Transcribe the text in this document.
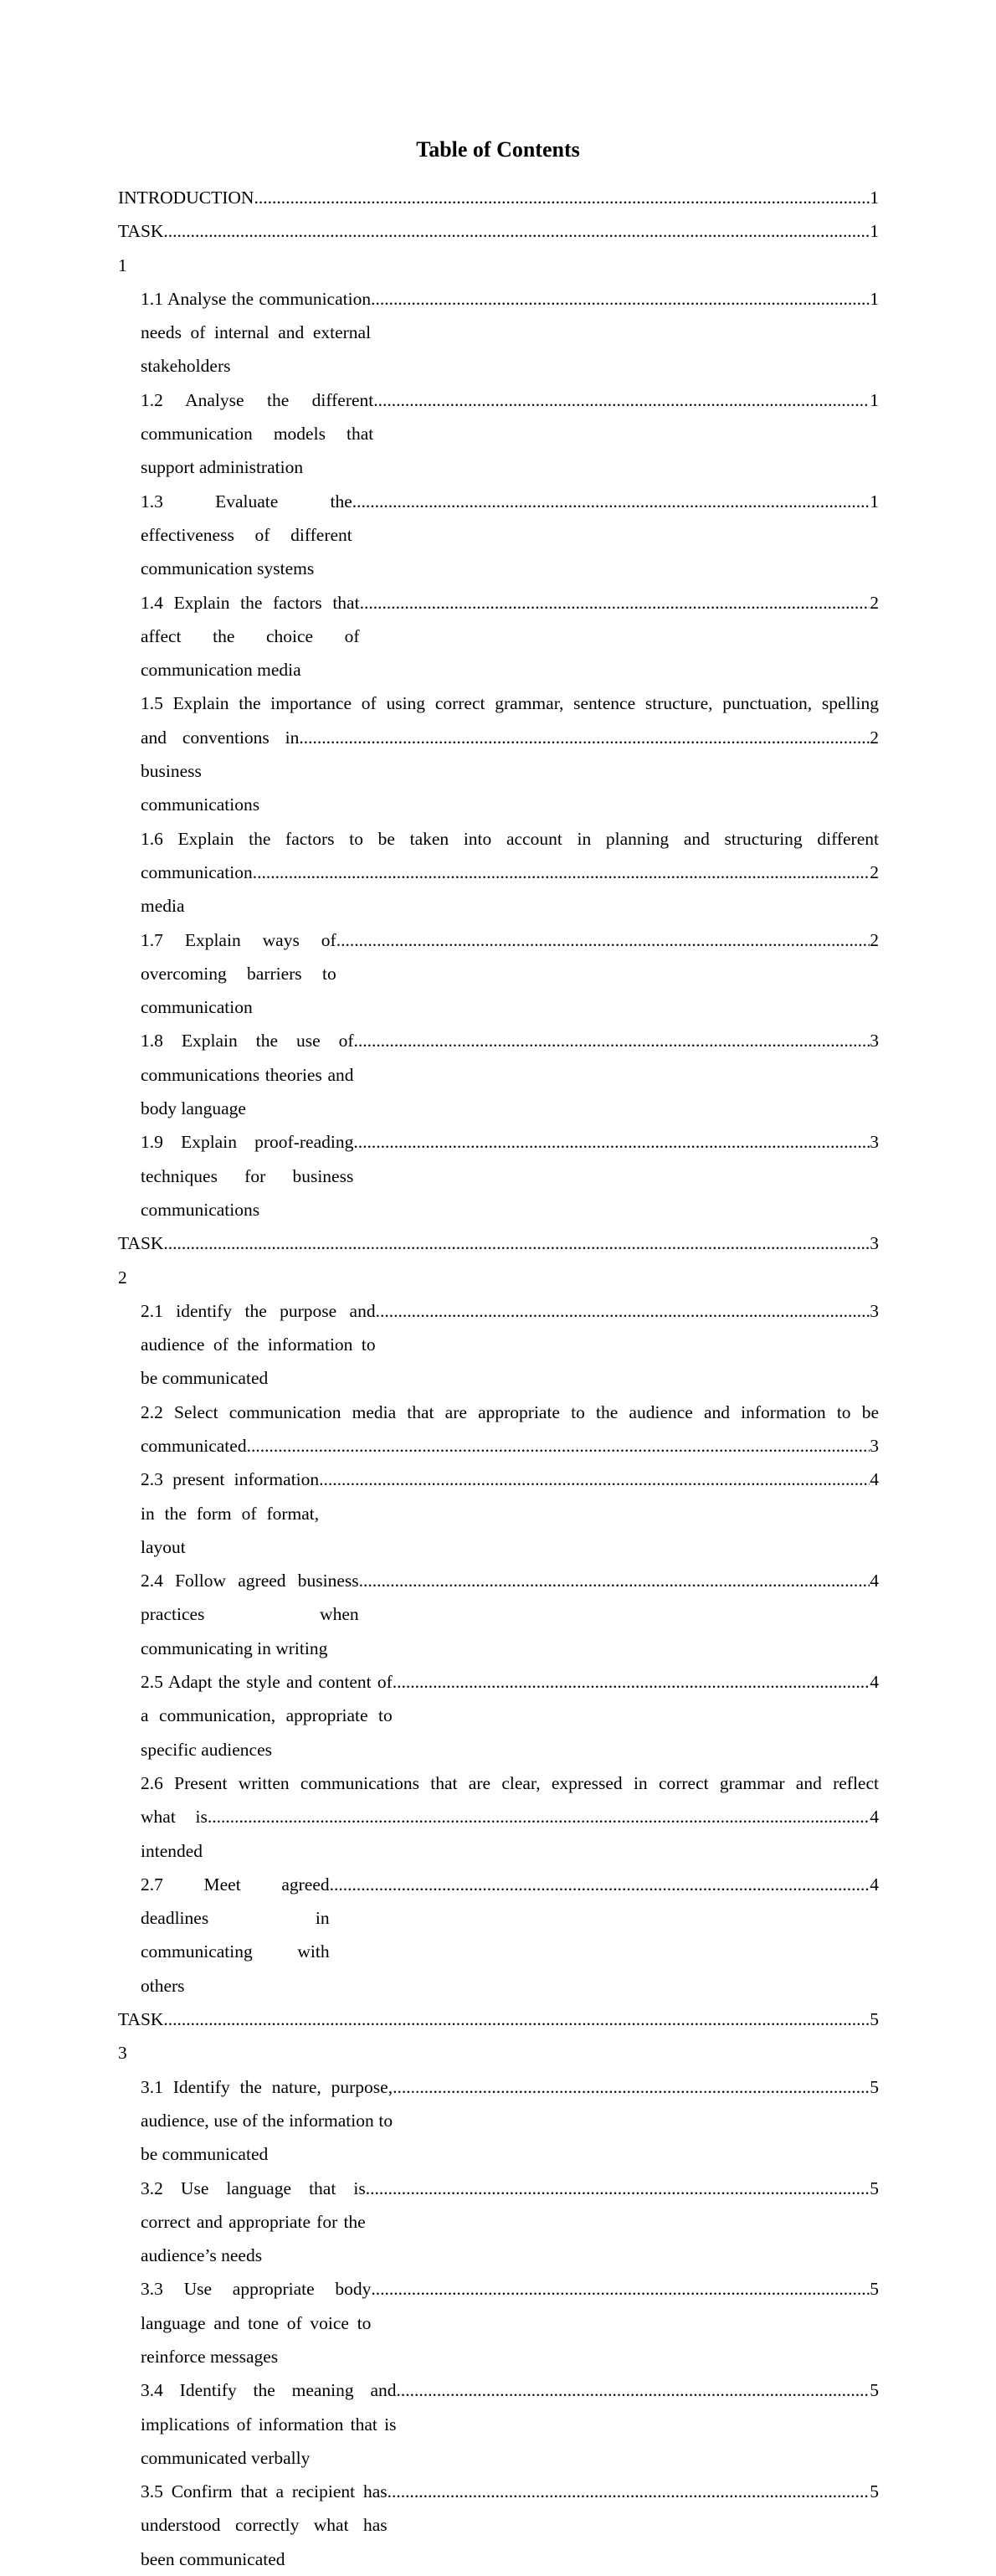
Table of Contents
INTRODUCTION .....	1
TASK 1
.....
1
1.1 Analyse the communication needs of internal and external stakeholders
.....
1
1.2 Analyse the different communication models that support administration
.....
1
1.3 Evaluate the effectiveness of different communication systems
.....
1
1.4 Explain the factors that affect the choice of communication media
.....
2
1.5 Explain the importance of using correct grammar, sentence structure, punctuation, spelling
and conventions in business communications
.....
2
1.6 Explain the factors to be taken into account in planning and structuring different
communication media
.....
2
1.7 Explain ways of overcoming barriers to communication
.....
2
1.8 Explain the use of communications theories and body language
.....
3
1.9 Explain proof-reading techniques for business communications
.....
3
TASK 2
.....
3
2.1 identify the purpose and audience of the information to be communicated
.....
3
2.2 Select communication media that are appropriate to the audience and information to be
communicated .....	3
2.3 present information in the form of format, layout
.....
4
2.4 Follow agreed business practices when communicating in writing
.....
4
2.5 Adapt the style and content of a communication, appropriate to specific audiences
.....
4
2.6 Present written communications that are clear, expressed in correct grammar and reflect
what is intended
.....
4
2.7 Meet agreed deadlines in communicating with others
.....
4
TASK 3
.....
5
3.1 Identify the nature, purpose, audience, use of the information to be communicated
.....
5
3.2 Use language that is correct and appropriate for the audience’s needs
.....
5
3.3 Use appropriate body language and tone of voice to reinforce messages
.....
5
3.4 Identify the meaning and implications of information that is communicated verbally
.....
5
3.5 Confirm that a recipient has understood correctly what has been communicated
.....
5
